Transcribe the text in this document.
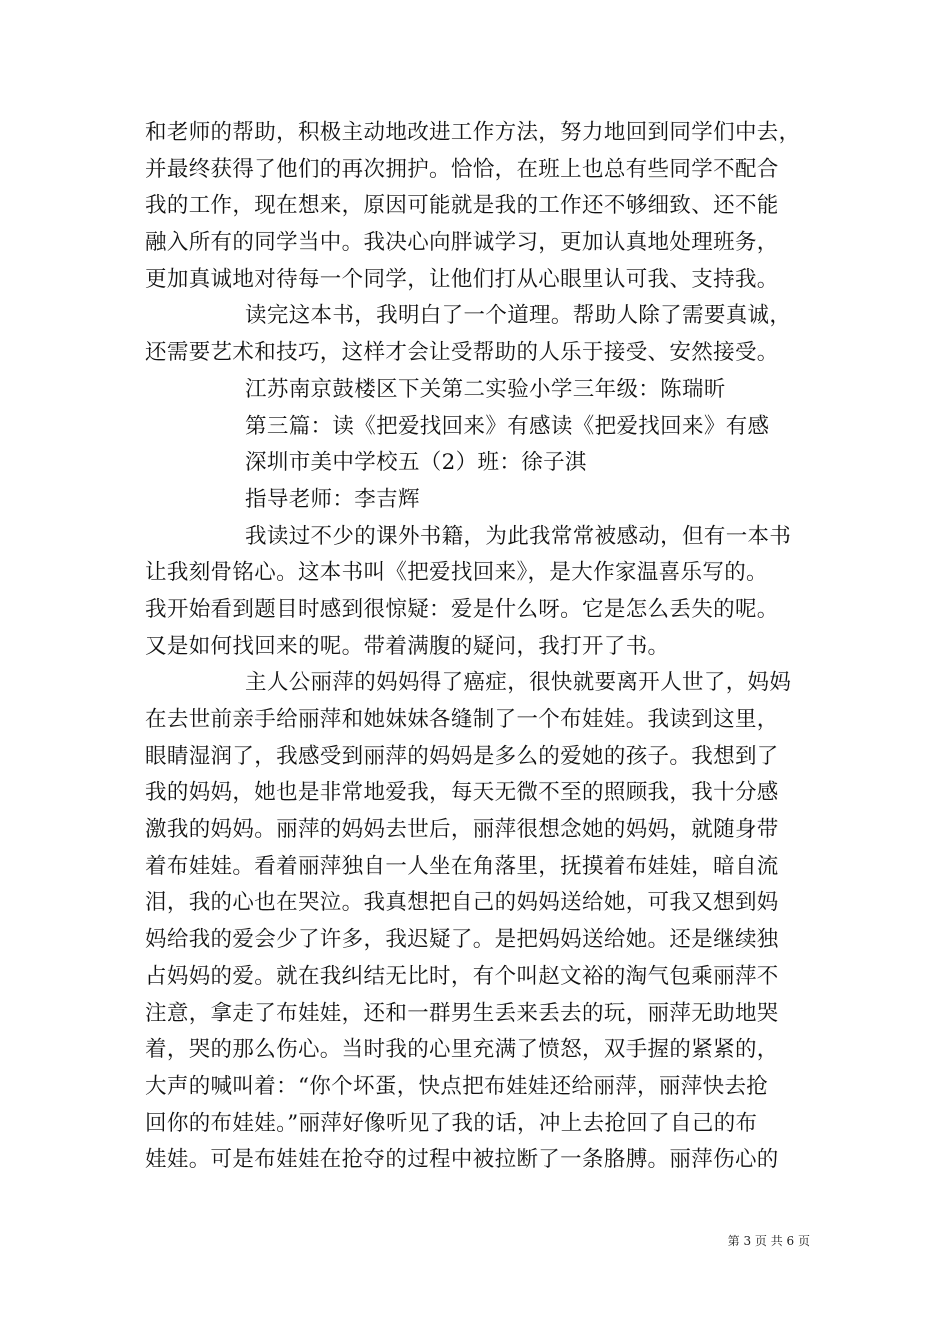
和老师的帮助，积极主动地改进工作方法，努力地回到同学们中去，
并最终获得了他们的再次拥护。恰恰，在班上也总有些同学不配合
我的工作，现在想来，原因可能就是我的工作还不够细致、还不能
融入所有的同学当中。我决心向胖诚学习，更加认真地处理班务，
更加真诚地对待每一个同学，让他们打从心眼里认可我、支持我。
读完这本书，我明白了一个道理。帮助人除了需要真诚，
还需要艺术和技巧，这样才会让受帮助的人乐于接受、安然接受。
江苏南京鼓楼区下关第二实验小学三年级：陈瑞昕
第三篇：读《把爱找回来》有感读《把爱找回来》有感
深圳市美中学校五（2）班：徐子淇
指导老师：李吉辉
我读过不少的课外书籍，为此我常常被感动，但有一本书
让我刻骨铭心。这本书叫《把爱找回来》，是大作家温喜乐写的。
我开始看到题目时感到很惊疑：爱是什么呀。它是怎么丢失的呢。
又是如何找回来的呢。带着满腹的疑问，我打开了书。
主人公丽萍的妈妈得了癌症，很快就要离开人世了，妈妈
在去世前亲手给丽萍和她妹妹各缝制了一个布娃娃。我读到这里，
眼睛湿润了，我感受到丽萍的妈妈是多么的爱她的孩子。我想到了
我的妈妈，她也是非常地爱我，每天无微不至的照顾我，我十分感
激我的妈妈。丽萍的妈妈去世后，丽萍很想念她的妈妈，就随身带
着布娃娃。看着丽萍独自一人坐在角落里，抚摸着布娃娃，暗自流
泪，我的心也在哭泣。我真想把自己的妈妈送给她，可我又想到妈
妈给我的爱会少了许多，我迟疑了。是把妈妈送给她。还是继续独
占妈妈的爱。就在我纠结无比时，有个叫赵文裕的淘气包乘丽萍不
注意，拿走了布娃娃，还和一群男生丢来丢去的玩，丽萍无助地哭
着，哭的那么伤心。当时我的心里充满了愤怒，双手握的紧紧的，
大声的喊叫着：“你个坏蛋，快点把布娃娃还给丽萍，丽萍快去抢
回你的布娃娃。”丽萍好像听见了我的话，冲上去抢回了自己的布
娃娃。可是布娃娃在抢夺的过程中被拉断了一条胳膊。丽萍伤心的
第 3 页 共 6 页
